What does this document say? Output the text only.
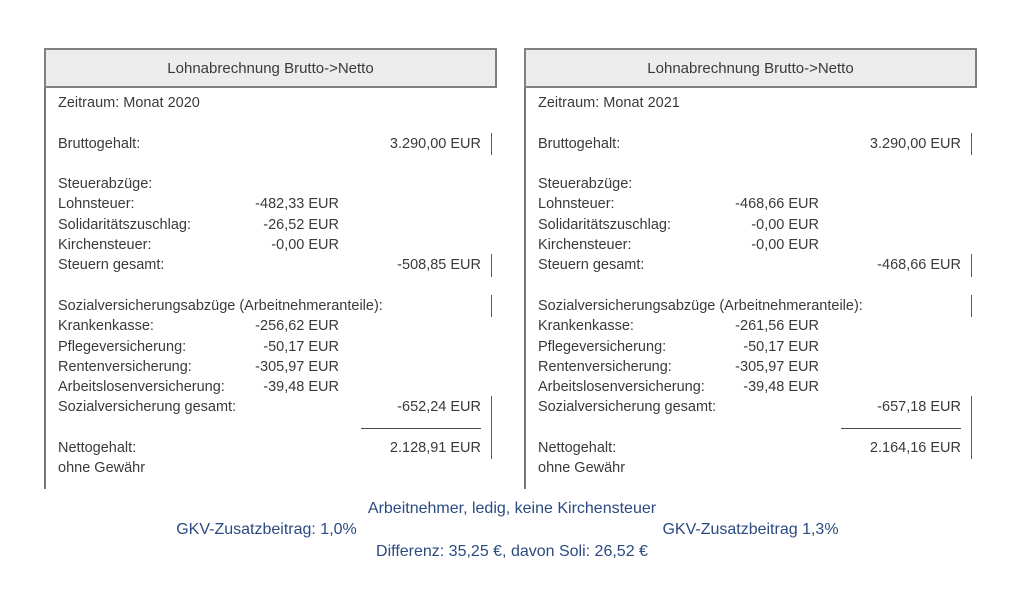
Lohnabrechnung Brutto->Netto
Zeitraum: Monat 2020
Bruttogehalt:	3.290,00 EUR
Steuerabzüge:
Lohnsteuer:	-482,33 EUR
Solidaritätszuschlag:	-26,52 EUR
Kirchensteuer:	-0,00 EUR
Steuern gesamt:	-508,85 EUR
Sozialversicherungsabzüge (Arbeitnehmeranteile):
Krankenkasse:	-256,62 EUR
Pflegeversicherung:	-50,17 EUR
Rentenversicherung:	-305,97 EUR
Arbeitslosenversicherung:	-39,48 EUR
Sozialversicherung gesamt:	-652,24 EUR
Nettogehalt:	2.128,91 EUR
ohne Gewähr
Lohnabrechnung Brutto->Netto
Zeitraum: Monat 2021
Bruttogehalt:	3.290,00 EUR
Steuerabzüge:
Lohnsteuer:	-468,66 EUR
Solidaritätszuschlag:	-0,00 EUR
Kirchensteuer:	-0,00 EUR
Steuern gesamt:	-468,66 EUR
Sozialversicherungsabzüge (Arbeitnehmeranteile):
Krankenkasse:	-261,56 EUR
Pflegeversicherung:	-50,17 EUR
Rentenversicherung:	-305,97 EUR
Arbeitslosenversicherung:	-39,48 EUR
Sozialversicherung gesamt:	-657,18 EUR
Nettogehalt:	2.164,16 EUR
ohne Gewähr
Arbeitnehmer, ledig, keine Kirchensteuer
GKV-Zusatzbeitrag: 1,0%	GKV-Zusatzbeitrag 1,3%
Differenz: 35,25 €, davon Soli: 26,52 €
